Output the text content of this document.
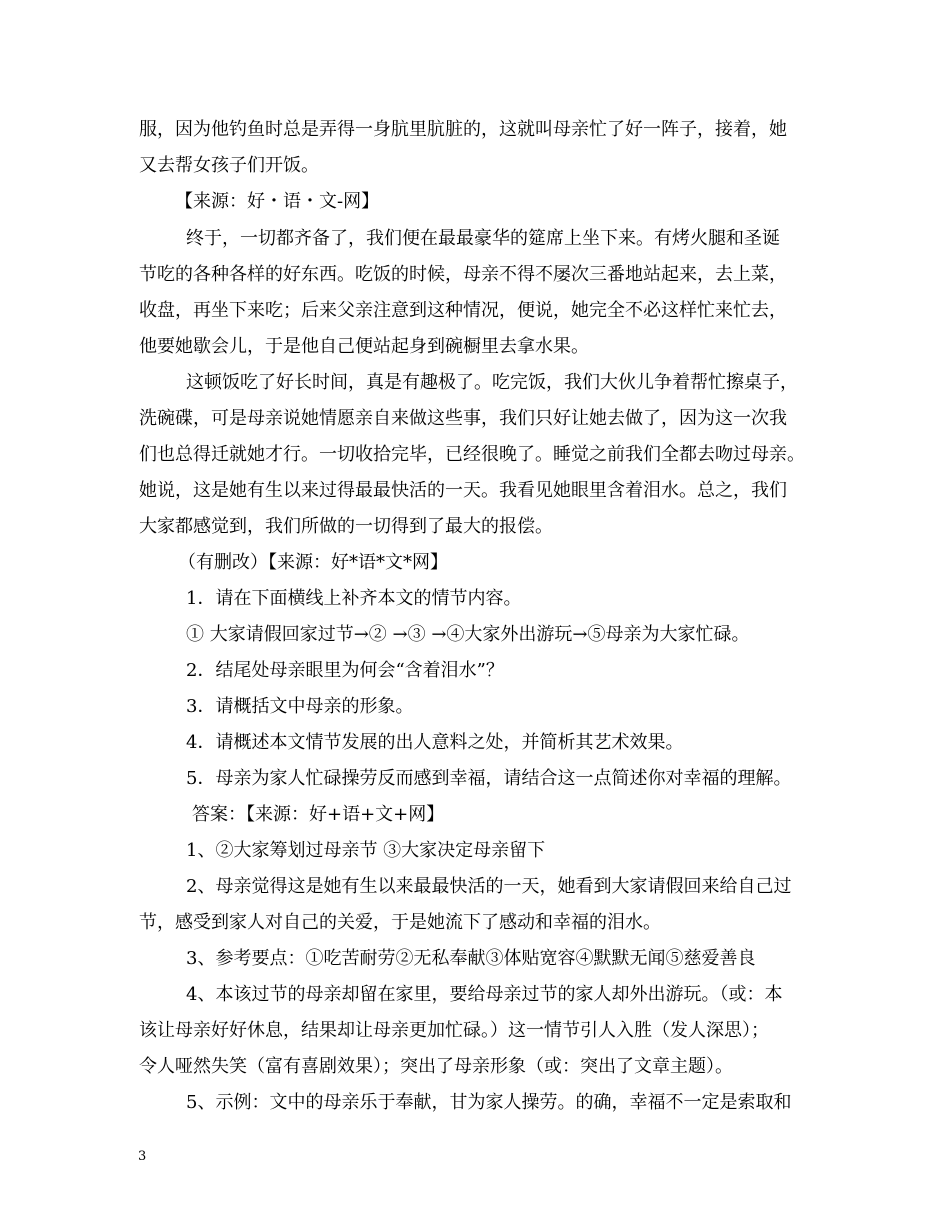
服，因为他钓鱼时总是弄得一身肮里肮脏的，这就叫母亲忙了好一阵子，接着，她
又去帮女孩子们开饭。
【来源：好・语・文-网】
终于，一切都齐备了，我们便在最最豪华的筵席上坐下来。有烤火腿和圣诞
节吃的各种各样的好东西。吃饭的时候，母亲不得不屡次三番地站起来，去上菜，
收盘，再坐下来吃；后来父亲注意到这种情况，便说，她完全不必这样忙来忙去，
他要她歇会儿，于是他自己便站起身到碗橱里去拿水果。
这顿饭吃了好长时间，真是有趣极了。吃完饭，我们大伙儿争着帮忙擦桌子，
洗碗碟，可是母亲说她情愿亲自来做这些事，我们只好让她去做了，因为这一次我
们也总得迁就她才行。一切收拾完毕，已经很晚了。睡觉之前我们全都去吻过母亲。
她说，这是她有生以来过得最最快活的一天。我看见她眼里含着泪水。总之，我们
大家都感觉到，我们所做的一切得到了最大的报偿。
（有删改）【来源：好*语*文*网】
1．请在下面横线上补齐本文的情节内容。
① 大家请假回家过节→② →③ →④大家外出游玩→⑤母亲为大家忙碌。
2．结尾处母亲眼里为何会“含着泪水”？
3．请概括文中母亲的形象。
4．请概述本文情节发展的出人意料之处，并简析其艺术效果。
5．母亲为家人忙碌操劳反而感到幸福，请结合这一点简述你对幸福的理解。
答案：【来源：好+语+文+网】
1、②大家筹划过母亲节 ③大家决定母亲留下
2、母亲觉得这是她有生以来最最快活的一天，她看到大家请假回来给自己过
节，感受到家人对自己的关爱，于是她流下了感动和幸福的泪水。
3、参考要点：①吃苦耐劳②无私奉献③体贴宽容④默默无闻⑤慈爱善良
4、本该过节的母亲却留在家里，要给母亲过节的家人却外出游玩。（或：本
该让母亲好好休息，结果却让母亲更加忙碌。）这一情节引人入胜（发人深思）；
令人哑然失笑（富有喜剧效果）；突出了母亲形象（或：突出了文章主题）。
5、示例：文中的母亲乐于奉献，甘为家人操劳。的确，幸福不一定是索取和
3
